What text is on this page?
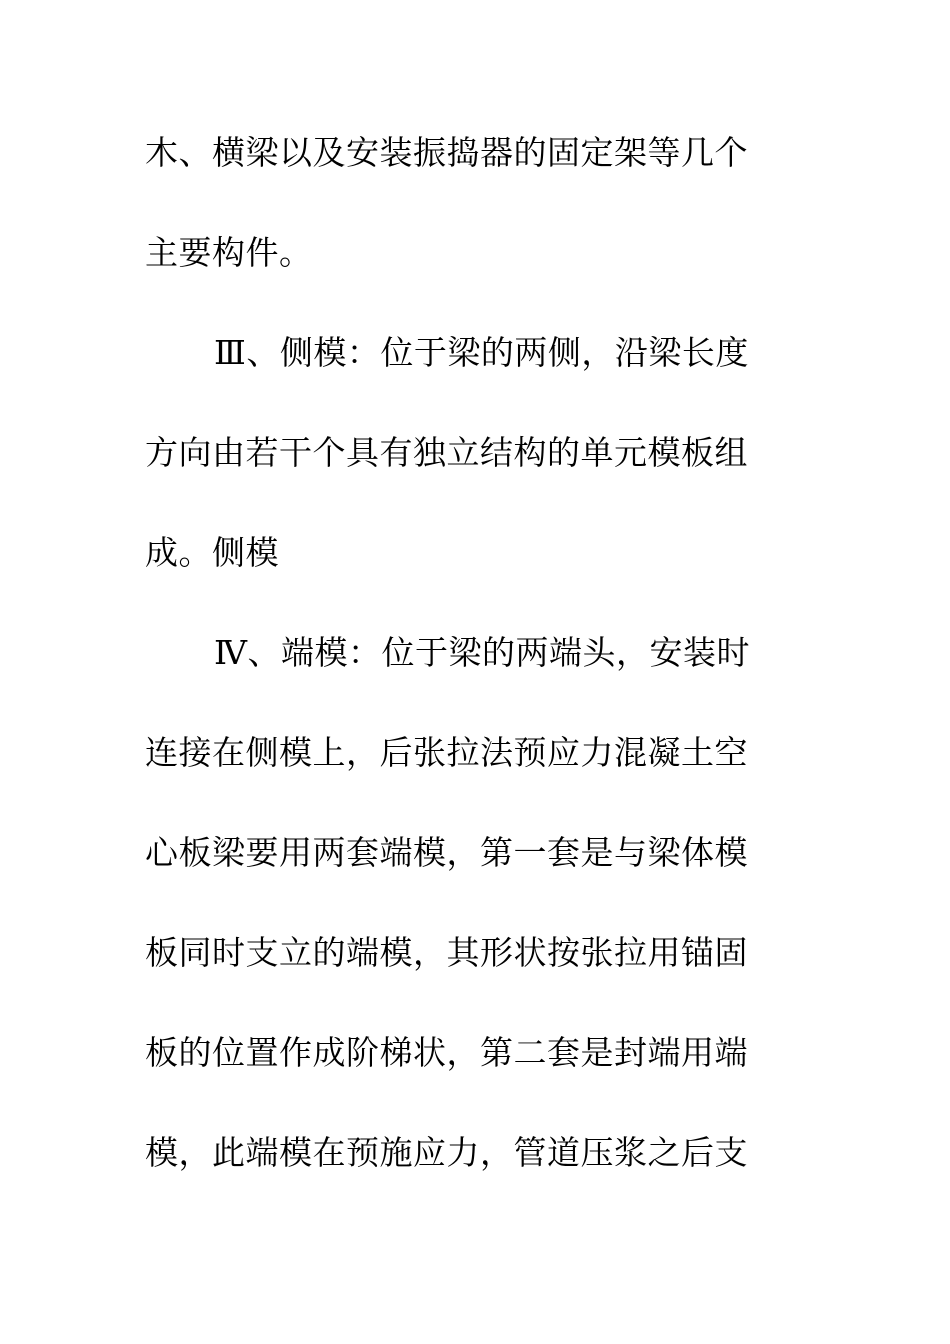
木、横梁以及安装振捣器的固定架等几个
主要构件。
Ⅲ、侧模：位于梁的两侧，沿梁长度
方向由若干个具有独立结构的单元模板组
成。侧模
Ⅳ、端模：位于梁的两端头，安装时
连接在侧模上，后张拉法预应力混凝土空
心板梁要用两套端模，第一套是与梁体模
板同时支立的端模，其形状按张拉用锚固
板的位置作成阶梯状，第二套是封端用端
模，此端模在预施应力，管道压浆之后支
